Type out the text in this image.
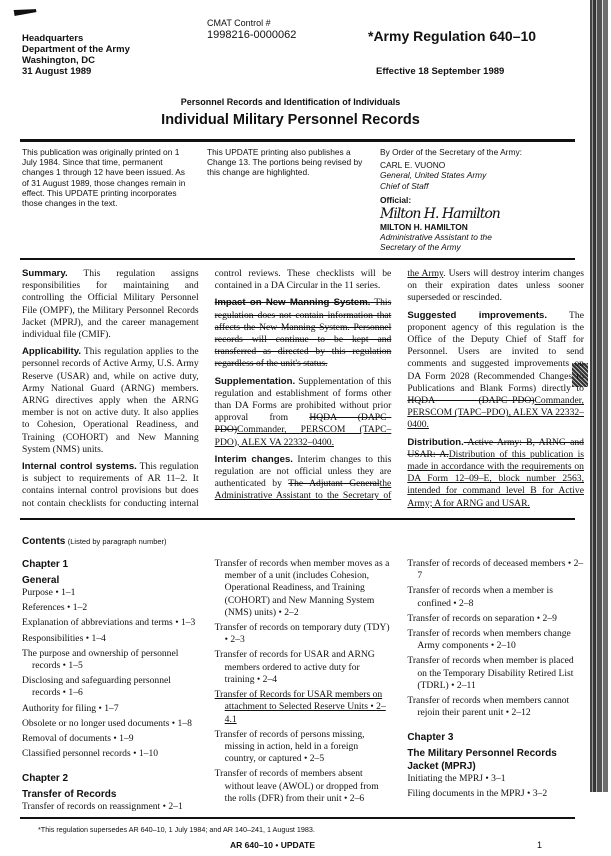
Headquarters
Department of the Army
Washington, DC
31 August 1989
CMAT Control #
1998216-0000062	*Army Regulation 640–10
Effective 18 September 1989
Personnel Records and Identification of Individuals
Individual Military Personnel Records
This publication was originally printed on 1 July 1984. Since that time, permanent changes 1 through 12 have been issued. As of 31 August 1989, those changes remain in effect. This UPDATE printing incorporates those changes in the text.
This UPDATE printing also publishes a Change 13. The portions being revised by this change are highlighted.
By Order of the Secretary of the Army:
CARL E. VUONO
General, United States Army
Chief of Staff
Official:
Milton H. Hamilton
MILTON H. HAMILTON
Administrative Assistant to the
Secretary of the Army

Summary. This regulation assigns responsibilities for maintaining and controlling the Official Military Personnel File (OMPF), the Military Personnel Records Jacket (MPRJ), and the career management individual file (CMIF).

Applicability. This regulation applies to the personnel records of Active Army, U.S. Army Reserve (USAR) and, while on active duty, Army National Guard (ARNG) members. ARNG directives apply when the ARNG member is not on active duty. It also applies to Cohesion, Operational Readiness, and Training (COHORT) and New Manning System (NMS) units.

Internal control systems. This regulation is subject to requirements of AR 11–2. It contains internal control provisions but does not contain checklists for conducting internal control reviews. These checklists will be contained in a DA Circular in the 11 series.

Impact on New Manning System. This regulation does not contain information that affects the New Manning System. Personnel records will continue to be kept and transferred as directed by this regulation regardless of the unit's status.

Supplementation. Supplementation of this regulation and establishment of forms other than DA Forms are prohibited without prior approval from HQDA (DAPC–PDO)Commander, PERSCOM (TAPC–PDO), ALEX VA 22332–0400.

Interim changes. Interim changes to this regulation are not official unless they are authenticated by The Adjutant Generalthe Administrative Assistant to the Secretary of the Army. Users will destroy interim changes on their expiration dates unless sooner superseded or rescinded.

Suggested improvements. The proponent agency of this regulation is the Office of the Deputy Chief of Staff for Personnel. Users are invited to send comments and suggested improvements on DA Form 2028 (Recommended Changes to Publications and Blank Forms) directly to HQDA (DAPC–PDO)Commander, PERSCOM (TAPC–PDO), ALEX VA 22332–0400.

Distribution. Active Army: B, ARNG and USAR: A.Distribution of this publication is made in accordance with the requirements on DA Form 12–09–E, block number 2563, intended for command level B for Active Army; A for ARNG and USAR.

Contents (Listed by paragraph number)
Chapter 1
General
Purpose • 1–1
References • 1–2
Explanation of abbreviations and terms • 1–3
Responsibilities • 1–4
The purpose and ownership of personnel records • 1–5
Disclosing and safeguarding personnel records • 1–6
Authority for filing • 1–7
Obsolete or no longer used documents • 1–8
Removal of documents • 1–9
Classified personnel records • 1–10
Chapter 2
Transfer of Records
Transfer of records on reassignment • 2–1
Transfer of records when member moves as a member of a unit (includes Cohesion, Operational Readiness, and Training (COHORT) and New Manning System (NMS) units) • 2–2
Transfer of records on temporary duty (TDY) • 2–3
Transfer of records for USAR and ARNG members ordered to active duty for training • 2–4
Transfer of Records for USAR members on attachment to Selected Reserve Units • 2–4.1
Transfer of records of persons missing, missing in action, held in a foreign country, or captured • 2–5
Transfer of records of members absent without leave (AWOL) or dropped from the rolls (DFR) from their unit • 2–6
Transfer of records of deceased members • 2–7
Transfer of records when a member is confined • 2–8
Transfer of records on separation • 2–9
Transfer of records when members change Army components • 2–10
Transfer of records when member is placed on the Temporary Disability Retired List (TDRL) • 2–11
Transfer of records when members cannot rejoin their parent unit • 2–12
Chapter 3
The Military Personnel Records Jacket (MPRJ)
Initiating the MPRJ • 3–1
Filing documents in the MPRJ • 3–2
*This regulation supersedes AR 640–10, 1 July 1984; and AR 140–241, 1 August 1983.
AR 640–10 • UPDATE	1
